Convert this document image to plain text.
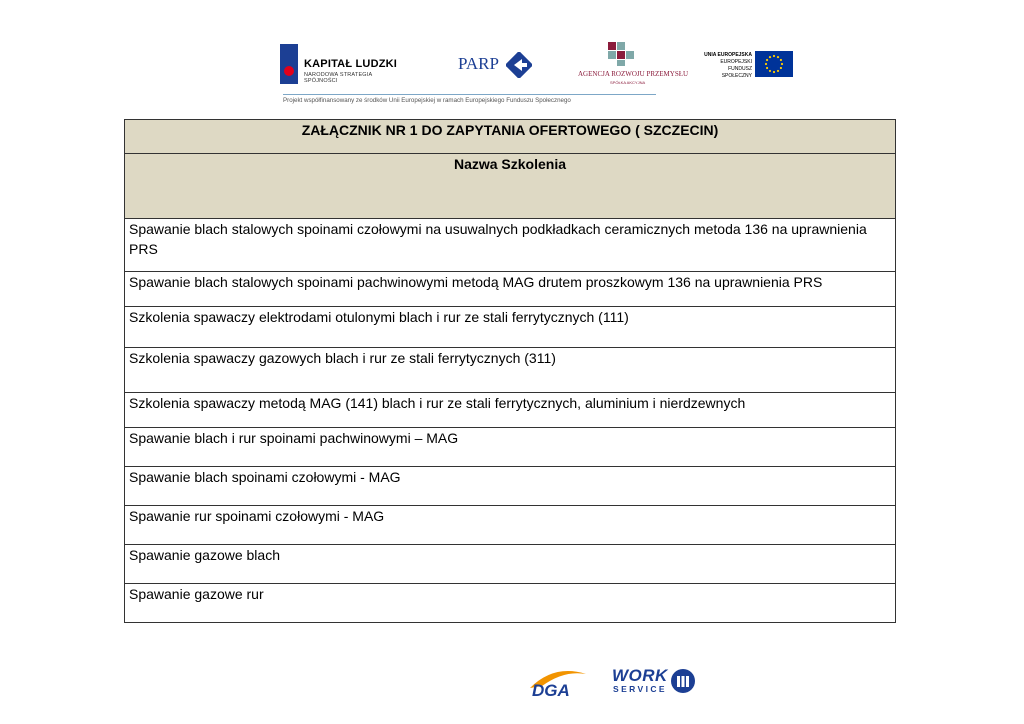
KAPITAŁ LUDZKI
NARODOWA STRATEGIA SPÓJNOŚCI
PARP
AGENCJA ROZWOJU PRZEMYSŁU
SPÓŁKA AKCYJNA
UNIA EUROPEJSKA
EUROPEJSKI
FUNDUSZ SPOŁECZNY
Projekt współfinansowany ze środków Unii Europejskiej w ramach Europejskiego Funduszu Społecznego
ZAŁĄCZNIK NR 1 DO ZAPYTANIA OFERTOWEGO ( SZCZECIN)
Nazwa Szkolenia
Spawanie blach stalowych spoinami czołowymi na usuwalnych podkładkach ceramicznych metoda 136 na uprawnienia PRS
Spawanie blach stalowych spoinami pachwinowymi metodą MAG drutem proszkowym 136 na uprawnienia PRS
Szkolenia spawaczy elektrodami otulonymi blach i rur ze stali ferrytycznych (111)
Szkolenia spawaczy gazowych blach i rur ze stali ferrytycznych (311)
Szkolenia spawaczy metodą MAG (141) blach i rur ze stali ferrytycznych, aluminium i nierdzewnych
Spawanie blach i rur spoinami pachwinowymi – MAG
Spawanie blach spoinami czołowymi - MAG
Spawanie rur spoinami czołowymi - MAG
Spawanie gazowe blach
Spawanie gazowe rur
DGA
WORK
SERVICE
